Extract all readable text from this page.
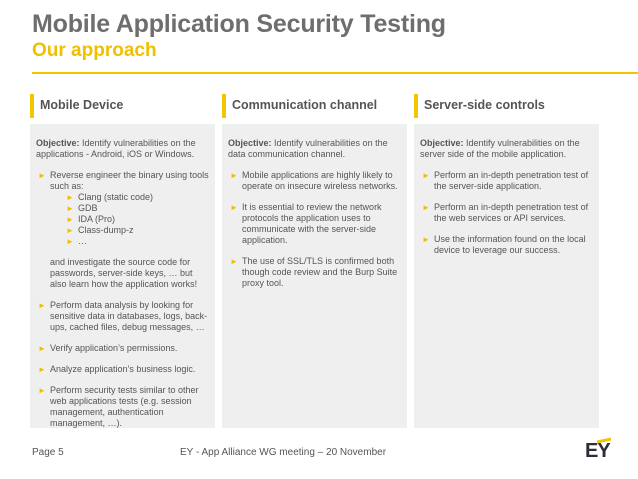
Mobile Application Security Testing
Our approach
Mobile Device
Objective: Identify vulnerabilities on the applications - Android, iOS or Windows.
► Reverse engineer the binary using tools such as:
► Clang (static code)
► GDB
► IDA (Pro)
► Class-dump-z
► …
and investigate the source code for passwords, server-side keys, … but also learn how the application works!
► Perform data analysis by looking for sensitive data in databases, logs, back-ups, cached files, debug messages, …
► Verify application’s permissions.
► Analyze application’s business logic.
► Perform security tests similar to other web applications tests (e.g. session management, authentication management, …).
Communication channel
Objective: Identify vulnerabilities on the data communication channel.
► Mobile applications are highly likely to operate on insecure wireless networks.
► It is essential to review the network protocols the application uses to communicate with the server-side application.
► The use of SSL/TLS is confirmed both though code review and the Burp Suite proxy tool.
Server-side controls
Objective: Identify vulnerabilities on the server side of the mobile application.
► Perform an in-depth penetration test of the server-side application.
► Perform an in-depth penetration test of the web services or API services.
► Use the information found on the local device to leverage our success.
Page 5	EY - App Alliance WG meeting – 20 November	EY
